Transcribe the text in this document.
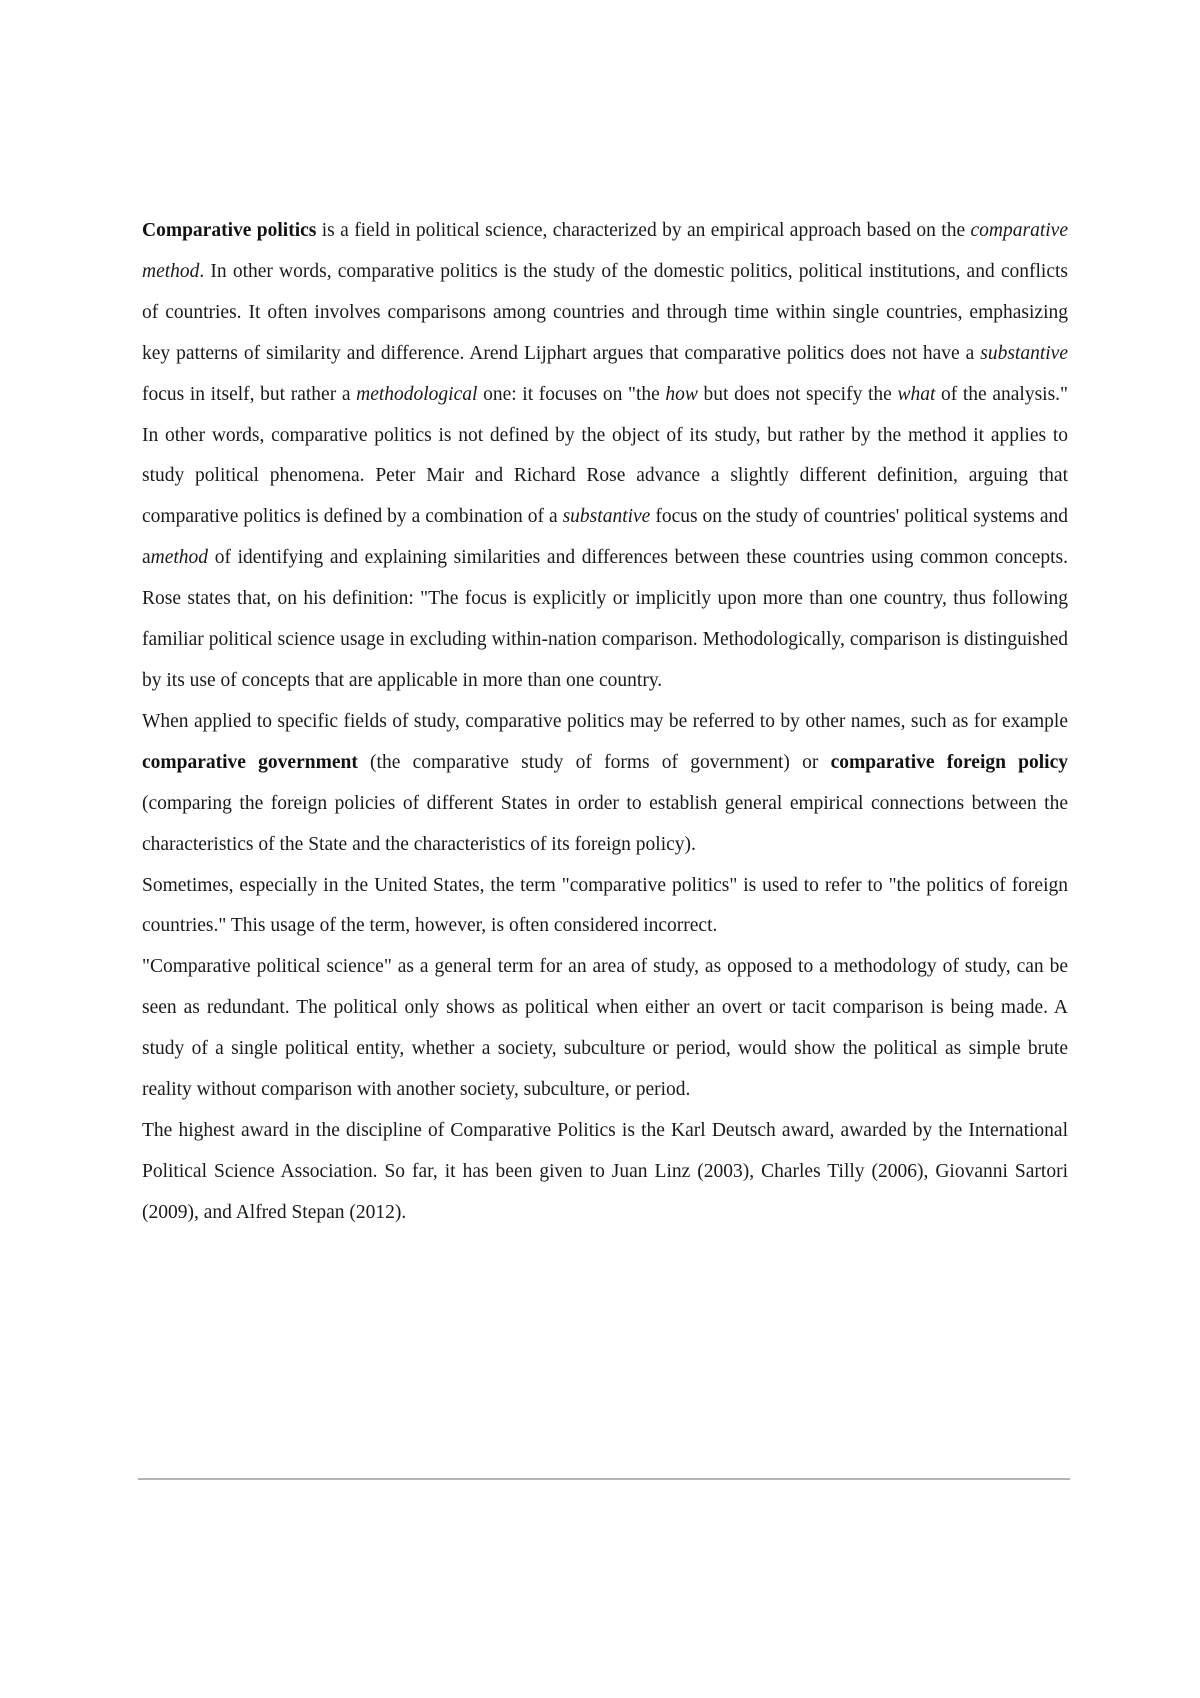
Comparative politics is a field in political science, characterized by an empirical approach based on the comparative method. In other words, comparative politics is the study of the domestic politics, political institutions, and conflicts of countries. It often involves comparisons among countries and through time within single countries, emphasizing key patterns of similarity and difference. Arend Lijphart argues that comparative politics does not have a substantive focus in itself, but rather a methodological one: it focuses on "the how but does not specify the what of the analysis." In other words, comparative politics is not defined by the object of its study, but rather by the method it applies to study political phenomena. Peter Mair and Richard Rose advance a slightly different definition, arguing that comparative politics is defined by a combination of a substantive focus on the study of countries' political systems and amethod of identifying and explaining similarities and differences between these countries using common concepts. Rose states that, on his definition: "The focus is explicitly or implicitly upon more than one country, thus following familiar political science usage in excluding within-nation comparison. Methodologically, comparison is distinguished by its use of concepts that are applicable in more than one country.

When applied to specific fields of study, comparative politics may be referred to by other names, such as for example comparative government (the comparative study of forms of government) or comparative foreign policy (comparing the foreign policies of different States in order to establish general empirical connections between the characteristics of the State and the characteristics of its foreign policy).

Sometimes, especially in the United States, the term "comparative politics" is used to refer to "the politics of foreign countries." This usage of the term, however, is often considered incorrect.

"Comparative political science" as a general term for an area of study, as opposed to a methodology of study, can be seen as redundant. The political only shows as political when either an overt or tacit comparison is being made. A study of a single political entity, whether a society, subculture or period, would show the political as simple brute reality without comparison with another society, subculture, or period.

The highest award in the discipline of Comparative Politics is the Karl Deutsch award, awarded by the International Political Science Association. So far, it has been given to Juan Linz (2003), Charles Tilly (2006), Giovanni Sartori (2009), and Alfred Stepan (2012).
